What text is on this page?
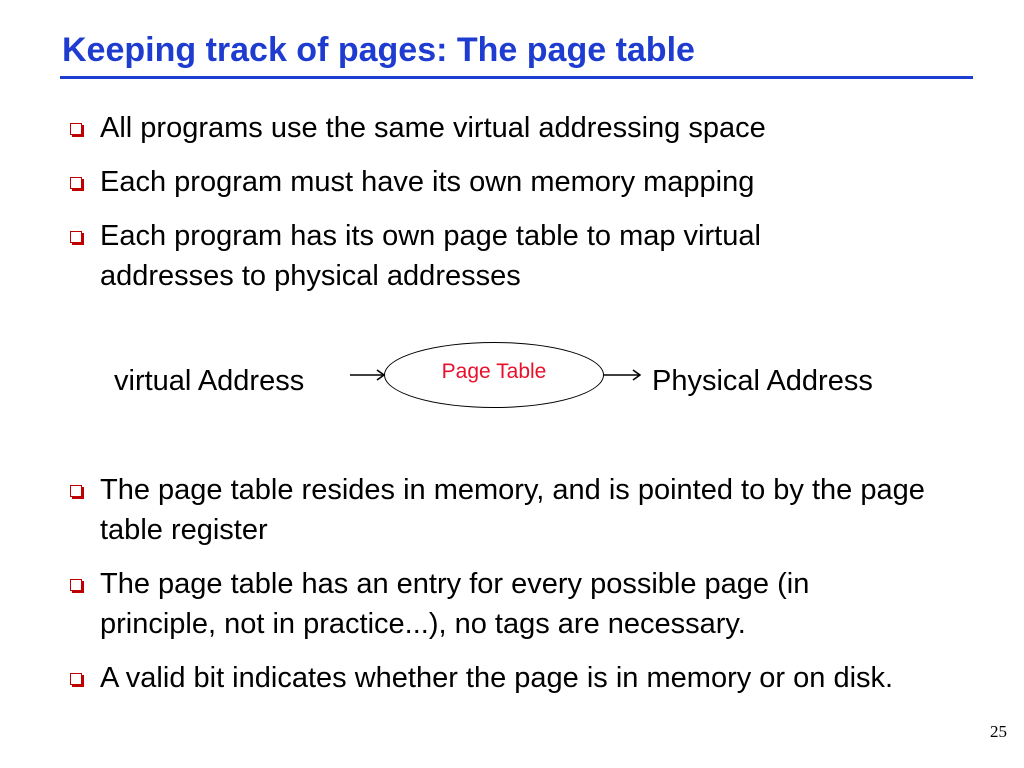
Keeping track of pages: The page table
All programs use the same virtual addressing space
Each program must have its own memory mapping
Each program has its own page table to map virtual addresses to physical addresses
virtual Address	Page Table	Physical Address
The page table resides in memory, and is pointed to by the page table register
The page table has an entry for every possible page (in principle, not in practice...), no tags are necessary.
A valid bit indicates whether the page is in memory or on disk.
25
